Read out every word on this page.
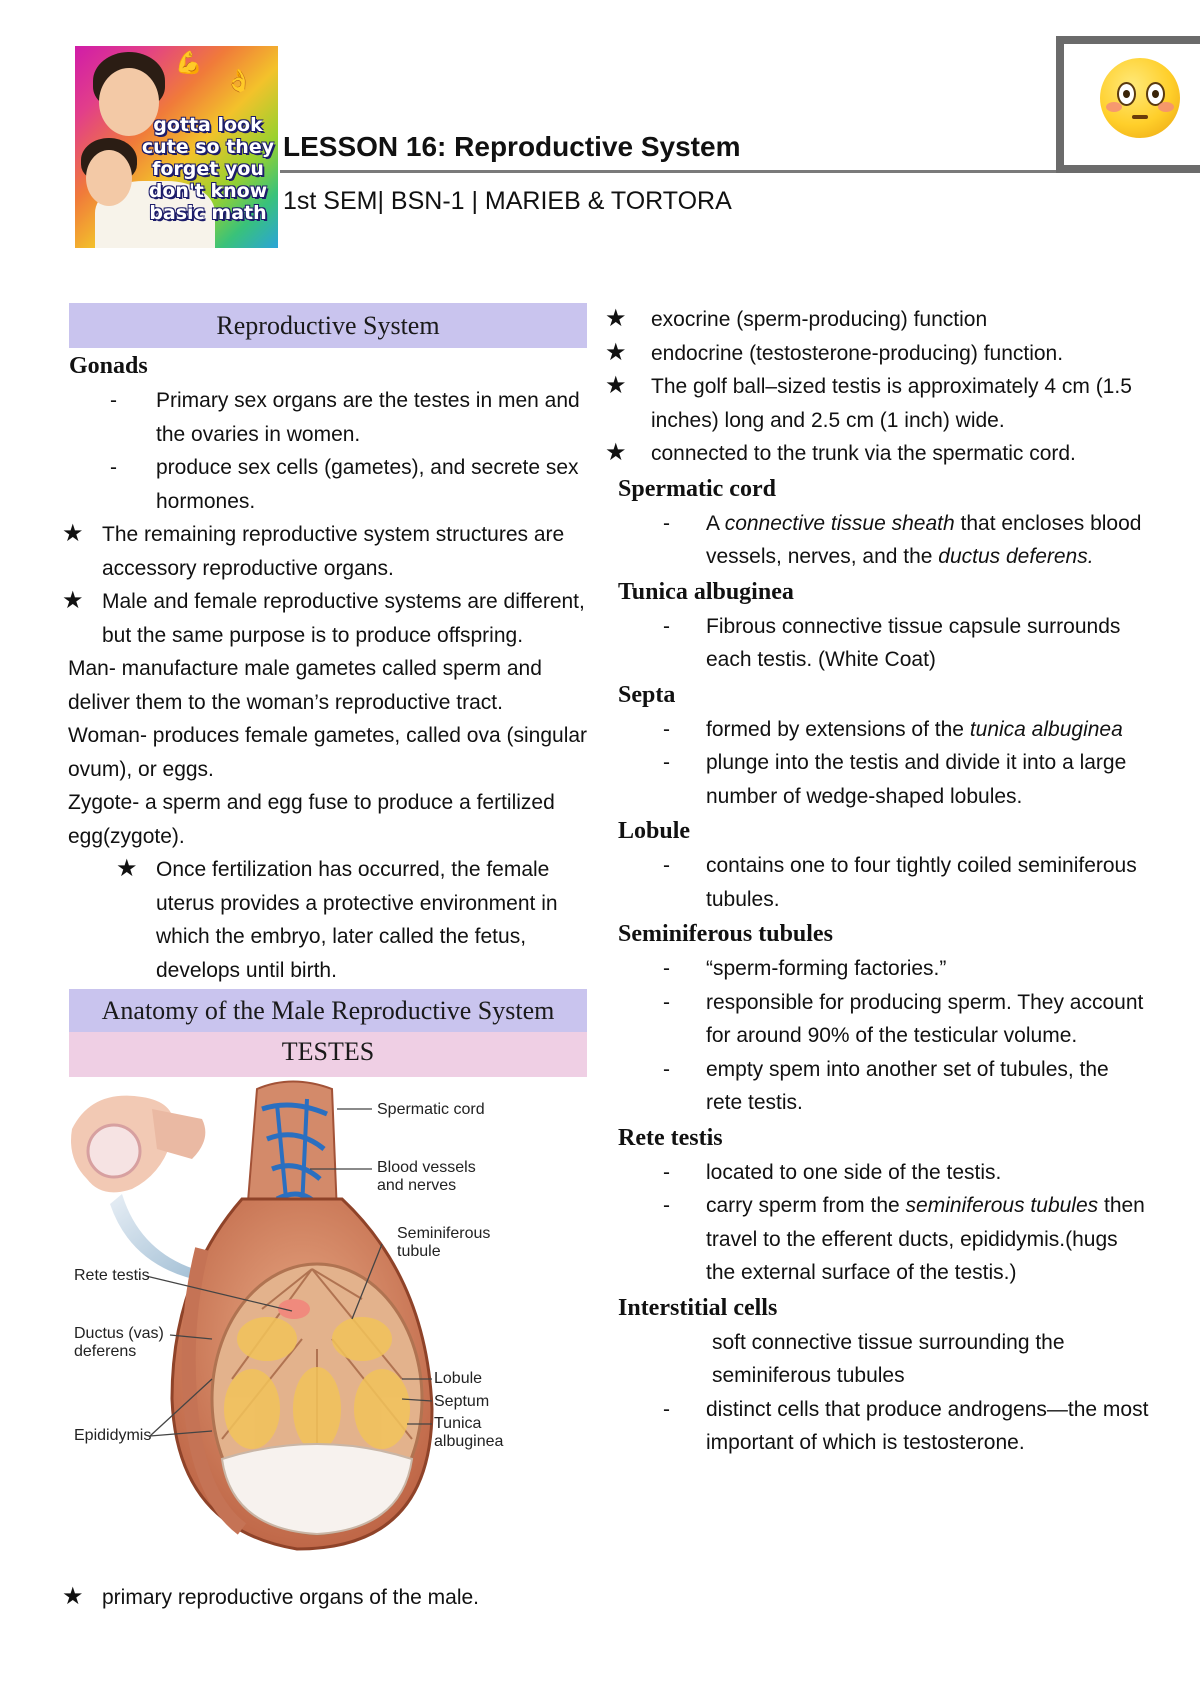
💪
👌
gotta look cute so they forget you don't know basic math
LESSON 16: Reproductive System
1st SEM| BSN-1 | MARIEB & TORTORA
Reproductive System
Gonads
- Primary sex organs are the testes in men and the ovaries in women.
- produce sex cells (gametes), and secrete sex hormones.
★ The remaining reproductive system structures are accessory reproductive organs.
★ Male and female reproductive systems are different, but the same purpose is to produce offspring.
Man- manufacture male gametes called sperm and deliver them to the woman’s reproductive tract.
Woman- produces female gametes, called ova (singular ovum), or eggs.
Zygote- a sperm and egg fuse to produce a fertilized egg(zygote).
★ Once fertilization has occurred, the female uterus provides a protective environment in which the embryo, later called the fetus, develops until birth.
Anatomy of the Male Reproductive System
TESTES
Spermatic cord
Blood vessels and nerves
Seminiferous tubule
Rete testis
Ductus (vas) deferens
Lobule
Septum
Tunica albuginea
Epididymis
★ primary reproductive organs of the male.
★ exocrine (sperm-producing) function
★ endocrine (testosterone-producing) function.
★ The golf ball–sized testis is approximately 4 cm (1.5 inches) long and 2.5 cm (1 inch) wide.
★ connected to the trunk via the spermatic cord.
Spermatic cord
- A connective tissue sheath that encloses blood vessels, nerves, and the ductus deferens.
Tunica albuginea
- Fibrous connective tissue capsule surrounds each testis. (White Coat)
Septa
- formed by extensions of the tunica albuginea
- plunge into the testis and divide it into a large number of wedge-shaped lobules.
Lobule
- contains one to four tightly coiled seminiferous tubules.
Seminiferous tubules
- “sperm-forming factories.”
- responsible for producing sperm. They account for around 90% of the testicular volume.
- empty spem into another set of tubules, the rete testis.
Rete testis
- located to one side of the testis.
- carry sperm from the seminiferous tubules then travel to the efferent ducts, epididymis.(hugs the external surface of the testis.)
Interstitial cells
soft connective tissue surrounding the seminiferous tubules
- distinct cells that produce androgens—the most important of which is testosterone.
